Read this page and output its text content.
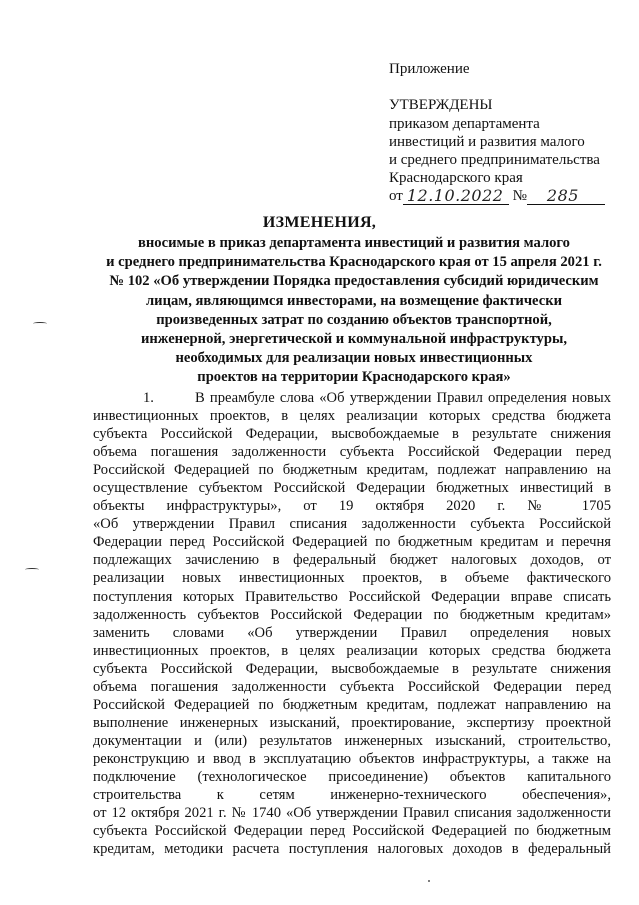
Приложение
УТВЕРЖДЕНЫ
приказом департамента
инвестиций и развития малого
и среднего предпринимательства
Краснодарского края
от 12.10.2022 № 285
ИЗМЕНЕНИЯ,
вносимые в приказ департамента инвестиций и развития малого
и среднего предпринимательства Краснодарского края от 15 апреля 2021 г.
№ 102 «Об утверждении Порядка предоставления субсидий юридическим
лицам, являющимся инвесторами, на возмещение фактически
произведенных затрат по созданию объектов транспортной,
инженерной, энергетической и коммунальной инфраструктуры,
необходимых для реализации новых инвестиционных
проектов на территории Краснодарского края»
1.	В преамбуле слова «Об утверждении Правил определения новых
инвестиционных проектов, в целях реализации которых средства бюджета
субъекта Российской Федерации, высвобождаемые в результате снижения
объема погашения задолженности субъекта Российской Федерации перед
Российской Федерацией по бюджетным кредитам, подлежат направлению на
осуществление субъектом Российской Федерации бюджетных инвестиций в
объекты инфраструктуры», от 19 октября 2020 г. № 1705
«Об утверждении Правил списания задолженности субъекта Российской
Федерации перед Российской Федерацией по бюджетным кредитам и перечня
подлежащих зачислению в федеральный бюджет налоговых доходов, от
реализации новых инвестиционных проектов, в объеме фактического
поступления которых Правительство Российской Федерации вправе списать
задолженность субъектов Российской Федерации по бюджетным кредитам»
заменить словами «Об утверждении Правил определения новых
инвестиционных проектов, в целях реализации которых средства бюджета
субъекта Российской Федерации, высвобождаемые в результате снижения
объема погашения задолженности субъекта Российской Федерации перед
Российской Федерацией по бюджетным кредитам, подлежат направлению на
выполнение инженерных изысканий, проектирование, экспертизу проектной
документации и (или) результатов инженерных изысканий, строительство,
реконструкцию и ввод в эксплуатацию объектов инфраструктуры, а также на
подключение (технологическое присоединение) объектов капитального
строительства к сетям инженерно-технического обеспечения»,
от 12 октября 2021 г. № 1740 «Об утверждении Правил списания задолженности
субъекта Российской Федерации перед Российской Федерацией по бюджетным
кредитам, методики расчета поступления налоговых доходов в федеральный
